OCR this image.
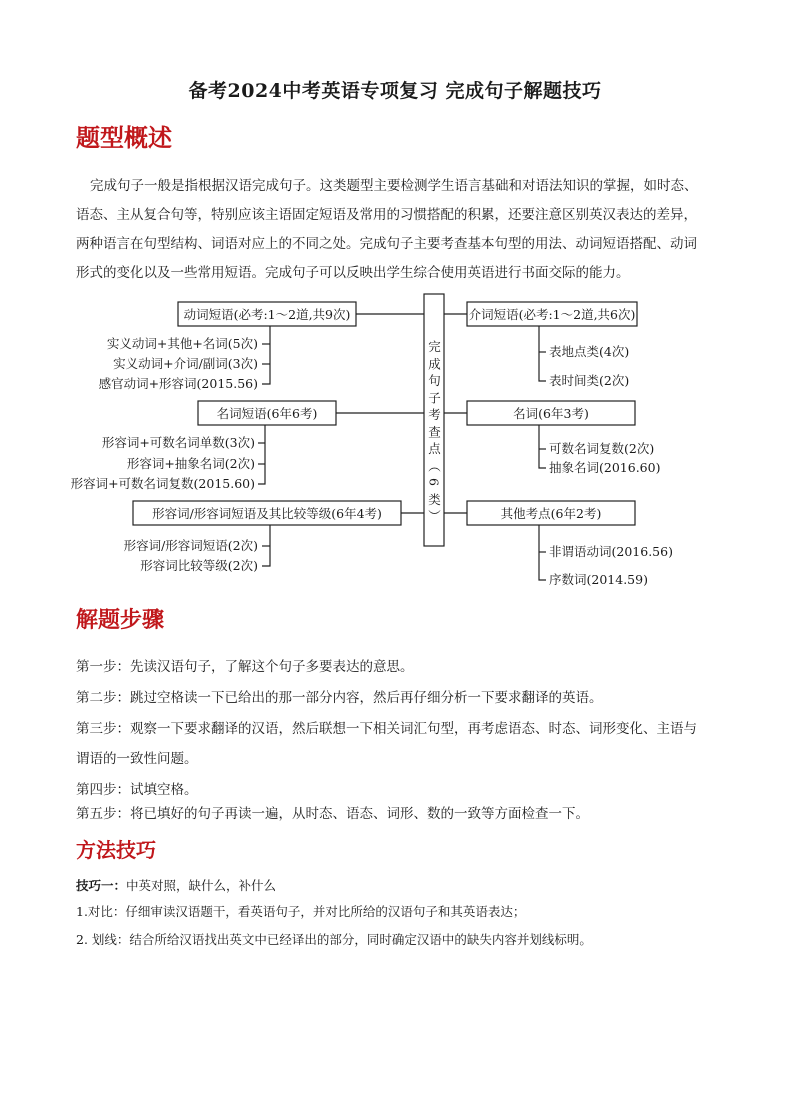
备考2024中考英语专项复习 完成句子解题技巧
题型概述

完成句子一般是指根据汉语完成句子。这类题型主要检测学生语言基础和对语法知识的掌握，如时态、

语态、主从复合句等，特别应该主语固定短语及常用的习惯搭配的积累，还要注意区别英汉表达的差异，

两种语言在句型结构、词语对应上的不同之处。完成句子主要考查基本句型的用法、动词短语搭配、动词

形式的变化以及一些常用短语。完成句子可以反映出学生综合使用英语进行书面交际的能力。

完成句子考查点（ 6 类）
动词短语(必考:1～2道,共9次)
名词短语(6年6考)
形容词/形容词短语及其比较等级(6年4考)
实义动词+其他+名词(5次)
实义动词+介词/副词(3次)
感官动词+形容词(2015.56)
形容词+可数名词单数(3次)
形容词+抽象名词(2次)
形容词+可数名词复数(2015.60)
形容词/形容词短语(2次)
形容词比较等级(2次)
介词短语(必考:1～2道,共6次)
名词(6年3考)
其他考点(6年2考)
表地点类(4次)
表时间类(2次)
可数名词复数(2次)
抽象名词(2016.60)
非谓语动词(2016.56)
序数词(2014.59)
解题步骤
第一步：先读汉语句子，了解这个句子多要表达的意思。
第二步：跳过空格读一下已给出的那一部分内容，然后再仔细分析一下要求翻译的英语。
第三步：观察一下要求翻译的汉语，然后联想一下相关词汇句型，再考虑语态、时态、词形变化、主语与
谓语的一致性问题。
第四步：试填空格。
第五步：将已填好的句子再读一遍，从时态、语态、词形、数的一致等方面检查一下。
方法技巧
技巧一：中英对照，缺什么，补什么
1.对比：仔细审读汉语题干，看英语句子，并对比所给的汉语句子和其英语表达；
2. 划线：结合所给汉语找出英文中已经译出的部分，同时确定汉语中的缺失内容并划线标明。
